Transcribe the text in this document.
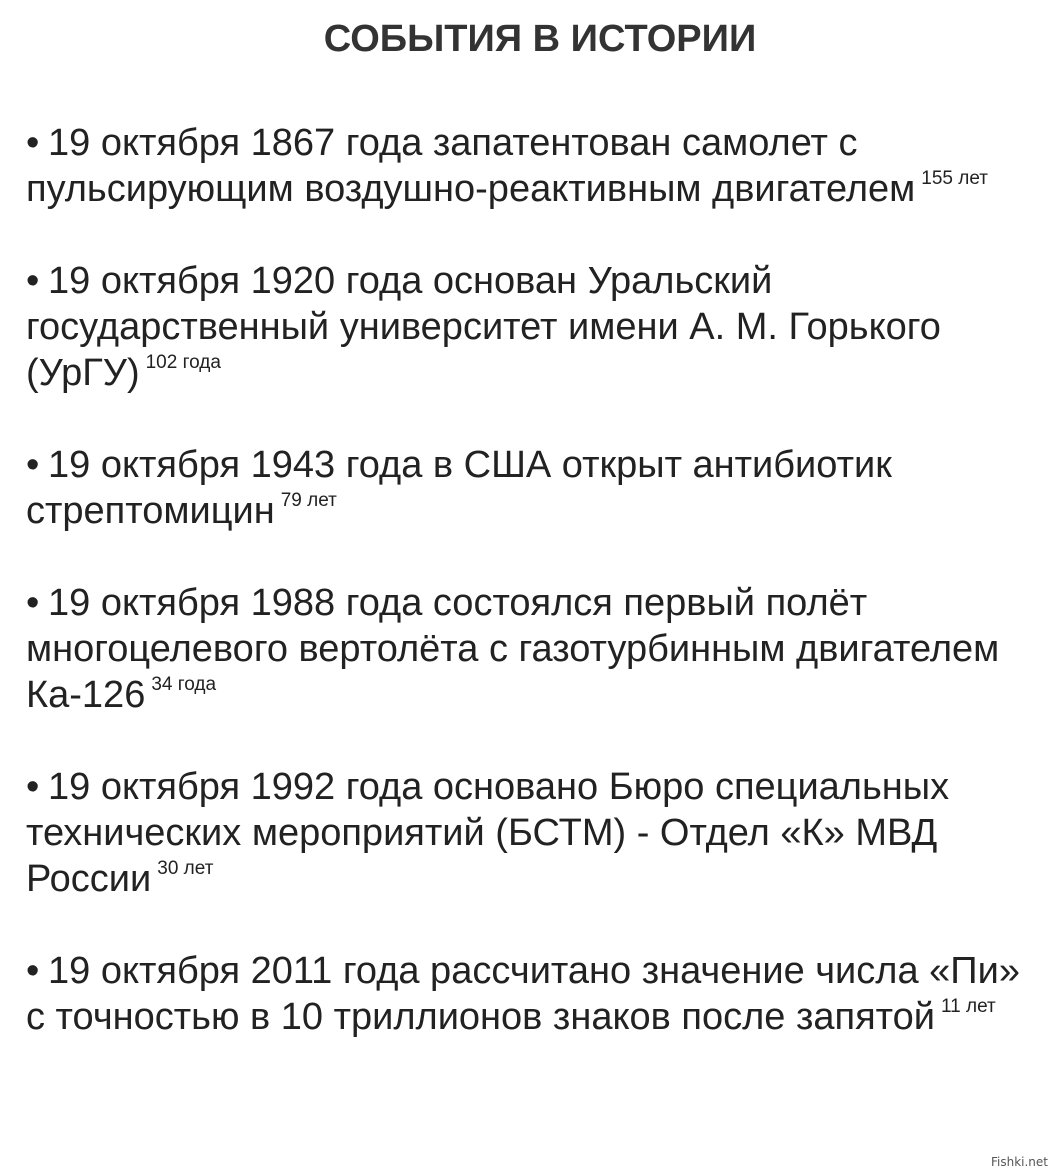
СОБЫТИЯ В ИСТОРИИ

• 19 октября 1867 года запатентован самолет с пульсирующим воздушно-реактивным двигателем $^{155 лет}$

• 19 октября 1920 года основан Уральский государственный университет имени А. М. Горького (УрГУ) $^{102 года}$

• 19 октября 1943 года в США открыт антибиотик стрептомицин $^{79 лет}$

• 19 октября 1988 года состоялся первый полёт многоцелевого вертолёта с газотурбинным двигателем Ка-126 $^{34 года}$

• 19 октября 1992 года основано Бюро специальных технических мероприятий (БСТМ) - Отдел «К» МВД России $^{30 лет}$

• 19 октября 2011 года рассчитано значение числа «Пи» с точностью в 10 триллионов знаков после запятой $^{11 лет}$

Fishki.net
